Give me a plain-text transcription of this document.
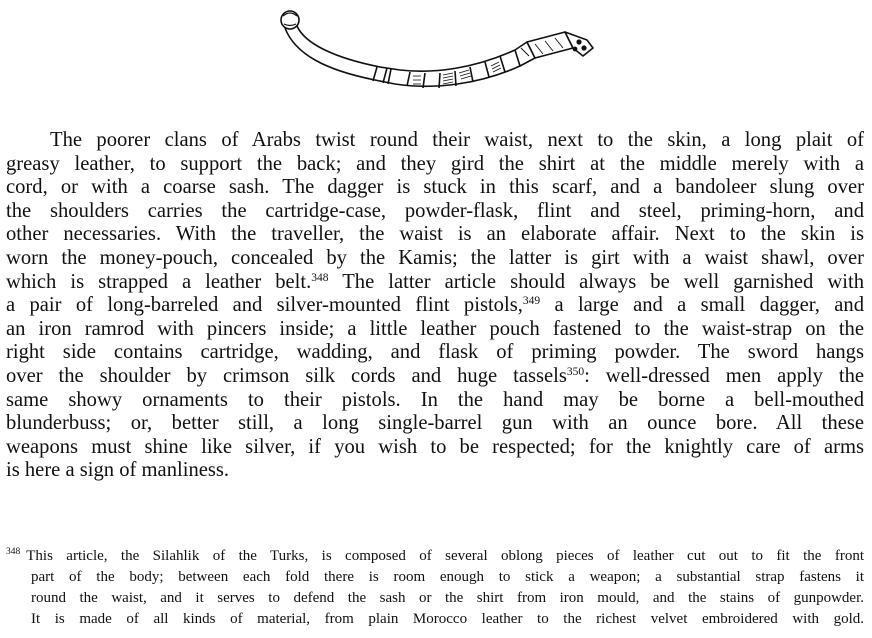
The poorer clans of Arabs twist round their waist, next to the skin, a long plait of
greasy leather, to support the back; and they gird the shirt at the middle merely with a
cord, or with a coarse sash. The dagger is stuck in this scarf, and a bandoleer slung over
the shoulders carries the cartridge-case, powder-flask, flint and steel, priming-horn, and
other necessaries. With the traveller, the waist is an elaborate affair. Next to the skin is
worn the money-pouch, concealed by the Kamis; the latter is girt with a waist shawl, over
which is strapped a leather belt.$^{348}$ The latter article should always be well garnished with
a pair of long-barreled and silver-mounted flint pistols,$^{349}$ a large and a small dagger, and
an iron ramrod with pincers inside; a little leather pouch fastened to the waist-strap on the
right side contains cartridge, wadding, and flask of priming powder. The sword hangs
over the shoulder by crimson silk cords and huge tassels$^{350}$: well-dressed men apply the
same showy ornaments to their pistols. In the hand may be borne a bell-mouthed
blunderbuss; or, better still, a long single-barrel gun with an ounce bore. All these
weapons must shine like silver, if you wish to be respected; for the knightly care of arms
is here a sign of manliness.
$^{348}$ This article, the Silahlik of the Turks, is composed of several oblong pieces of leather cut out to fit the front
part of the body; between each fold there is room enough to stick a weapon; a substantial strap fastens it
round the waist, and it serves to defend the sash or the shirt from iron mould, and the stains of gunpowder.
It is made of all kinds of material, from plain Morocco leather to the richest velvet embroidered with gold.
